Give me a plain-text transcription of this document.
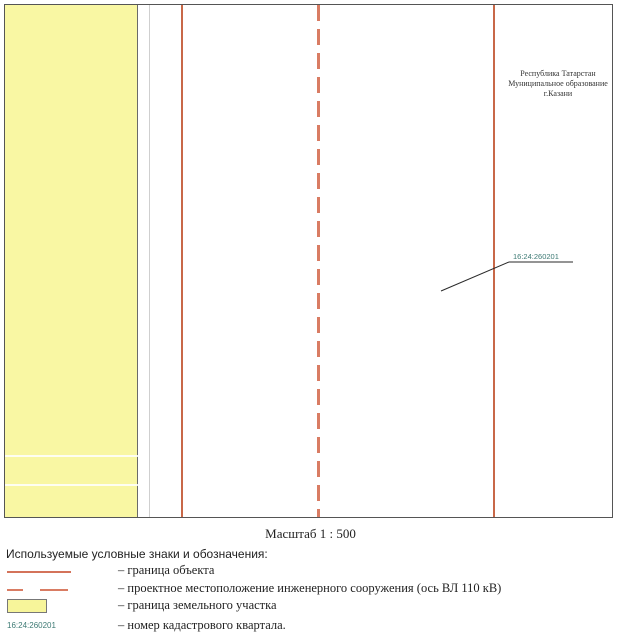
Республика Татарстан
Муниципальное образование
г.Казани
16:24:260201
Масштаб 1 : 500
Используемые условные знаки и обозначения:
– граница объекта
– проектное местоположение инженерного сооружения (ось ВЛ 110 кВ)
– граница земельного участка
16:24:260201	– номер кадастрового квартала.
